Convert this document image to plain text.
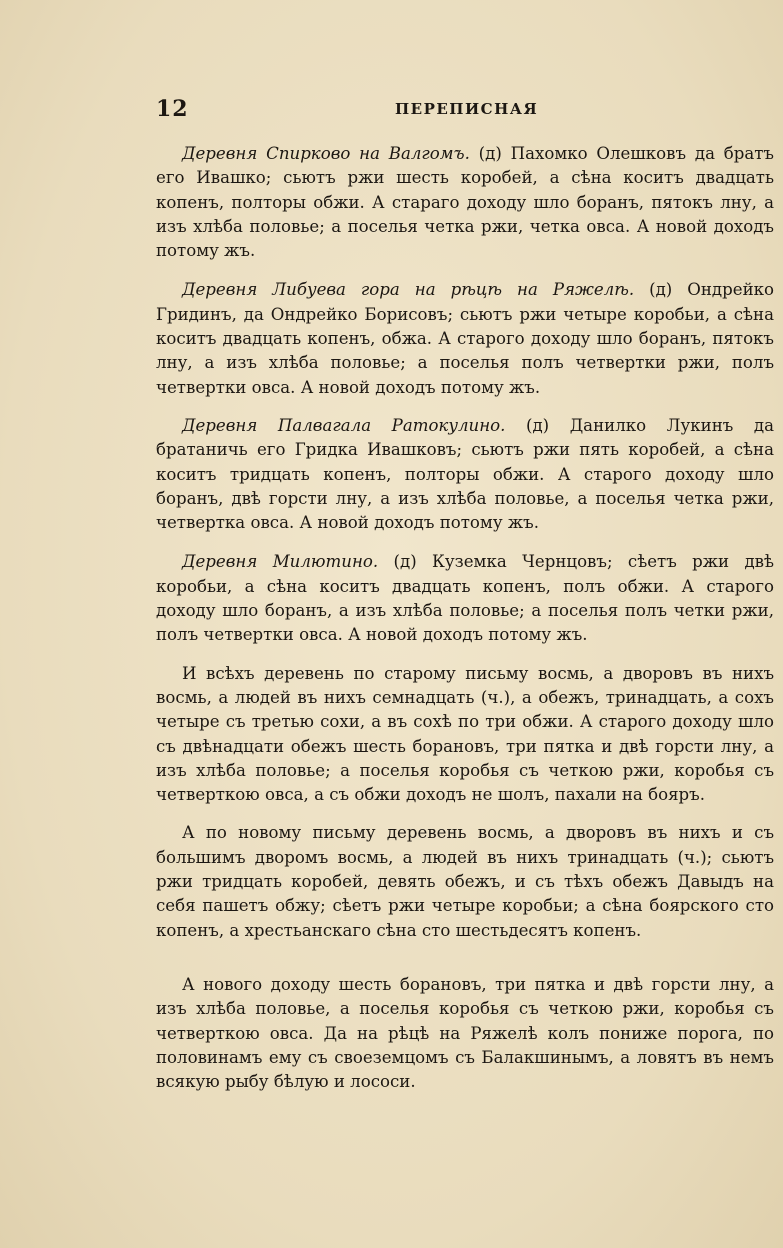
12	ПЕРЕПИСНАЯ

Деревня Спирково на Валгомъ. (д) Пахомко Олешковъ да братъ его Ивашко; сьютъ ржи шесть коробей, а сѣна коситъ двадцать копенъ, полторы обжи. А стараго доходу шло боранъ, пятокъ лну, а изъ хлѣба половье; а поселья четка ржи, четка овса. А новой доходъ потому жъ.

Деревня Либуева гора на рѣцѣ на Ряжелѣ. (д) Ондрейко Гридинъ, да Ондрейко Борисовъ; сьютъ ржи четыре коробьи, а сѣна коситъ двадцать копенъ, обжа. А старого доходу шло боранъ, пятокъ лну, а изъ хлѣба половье; а поселья полъ четвертки ржи, полъ четвертки овса. А новой доходъ потому жъ.

Деревня Палвагала Ратокулино. (д) Данилко Лукинъ да братаничь его Гридка Ивашковъ; сьютъ ржи пять коробей, а сѣна коситъ тридцать копенъ, полторы обжи. А старого доходу шло боранъ, двѣ горсти лну, а изъ хлѣба половье, а поселья четка ржи, четвертка овса. А новой доходъ потому жъ.

Деревня Милютино. (д) Куземка Чернцовъ; сѣетъ ржи двѣ коробьи, а сѣна коситъ двадцать копенъ, полъ обжи. А старого доходу шло боранъ, а изъ хлѣба половье; а поселья полъ четки ржи, полъ четвертки овса. А новой доходъ потому жъ.

И всѣхъ деревень по старому письму восмь, а дворовъ въ нихъ восмь, а людей въ нихъ семнадцать (ч.), а обежъ, тринадцать, а сохъ четыре съ третью сохи, а въ сохѣ по три обжи. А старого доходу шло съ двѣнадцати обежъ шесть борановъ, три пятка и двѣ горсти лну, а изъ хлѣба половье; а поселья коробья съ четкою ржи, коробья съ четверткою овса, а съ обжи доходъ не шолъ, пахали на бояръ.

А по новому письму деревень восмь, а дворовъ въ нихъ и съ большимъ дворомъ восмь, а людей въ нихъ тринадцать (ч.); сьютъ ржи тридцать коробей, девять обежъ, и съ тѣхъ обежъ Давыдъ на себя пашетъ обжу; сѣетъ ржи четыре коробьи; а сѣна боярского сто копенъ, а хрестьанскаго сѣна сто шестьдесятъ копенъ.

А нового доходу шесть борановъ, три пятка и двѣ горсти лну, а изъ хлѣба половье, а поселья коробья съ четкою ржи, коробья съ четверткою овса. Да на рѣцѣ на Ряжелѣ колъ пониже порога, по половинамъ ему съ своеземцомъ съ Балакшинымъ, а ловятъ въ немъ всякую рыбу бѣлую и лососи.
